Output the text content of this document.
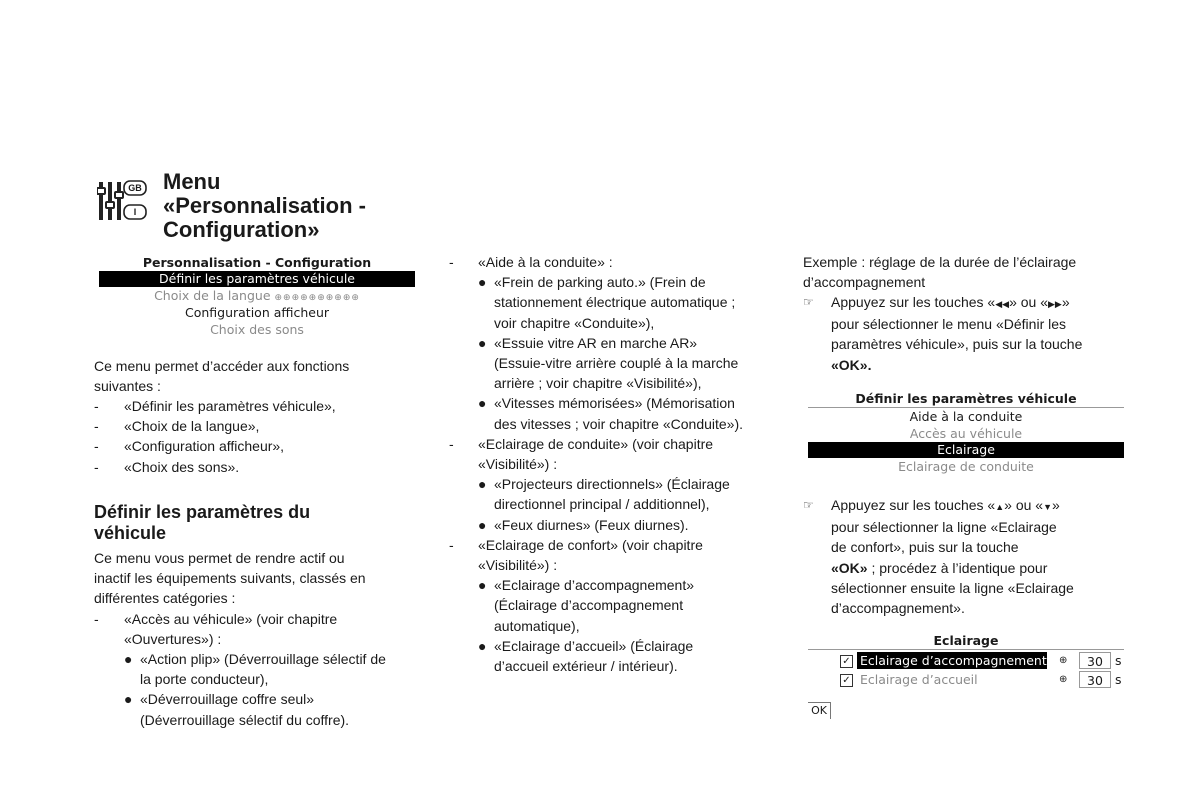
GB
I
Menu
«Personnalisation -
Configuration»
Personnalisation - Configuration
Définir les paramètres véhicule
Choix de la langue ⊕⊕⊕⊕⊕⊕⊕⊕⊕⊕
Configuration afficheur
Choix des sons
Ce menu permet d’accéder aux fonctions
suivantes :
- «Définir les paramètres véhicule»,
- «Choix de la langue»,
- «Configuration afficheur»,
- «Choix des sons».
Définir les paramètres du
véhicule
Ce menu vous permet de rendre actif ou
inactif les équipements suivants, classés en
différentes catégories :
- «Accès au véhicule» (voir chapitre
«Ouvertures») :
● «Action plip» (Déverrouillage sélectif de
la porte conducteur),
● «Déverrouillage coffre seul»
(Déverrouillage sélectif du coffre).
- «Aide à la conduite» :
● «Frein de parking auto.» (Frein de
stationnement électrique automatique ;
voir chapitre «Conduite»),
● «Essuie vitre AR en marche AR»
(Essuie-vitre arrière couplé à la marche
arrière ; voir chapitre «Visibilité»),
● «Vitesses mémorisées» (Mémorisation
des vitesses ; voir chapitre «Conduite»).
- «Eclairage de conduite» (voir chapitre
«Visibilité») :
● «Projecteurs directionnels» (Éclairage
directionnel principal / additionnel),
● «Feux diurnes» (Feux diurnes).
- «Eclairage de confort» (voir chapitre
«Visibilité») :
● «Eclairage d’accompagnement»
(Éclairage d’accompagnement
automatique),
● «Eclairage d’accueil» (Éclairage
d’accueil extérieur / intérieur).
Exemple : réglage de la durée de l’éclairage
d’accompagnement
☞ Appuyez sur les touches «◀◀» ou «▶▶»
pour sélectionner le menu «Définir les
paramètres véhicule», puis sur la touche
«OK».
Définir les paramètres véhicule
Aide à la conduite
Accès au véhicule
Eclairage
Eclairage de conduite
☞ Appuyez sur les touches «▲» ou «▼»
pour sélectionner la ligne «Eclairage
de confort», puis sur la touche
«OK» ; procédez à l’identique pour
sélectionner ensuite la ligne «Eclairage
d’accompagnement».
Eclairage
✓ Eclairage d’accompagnement ⊕	30 s
✓ Eclairage d’accueil	⊕	30 s
OK
